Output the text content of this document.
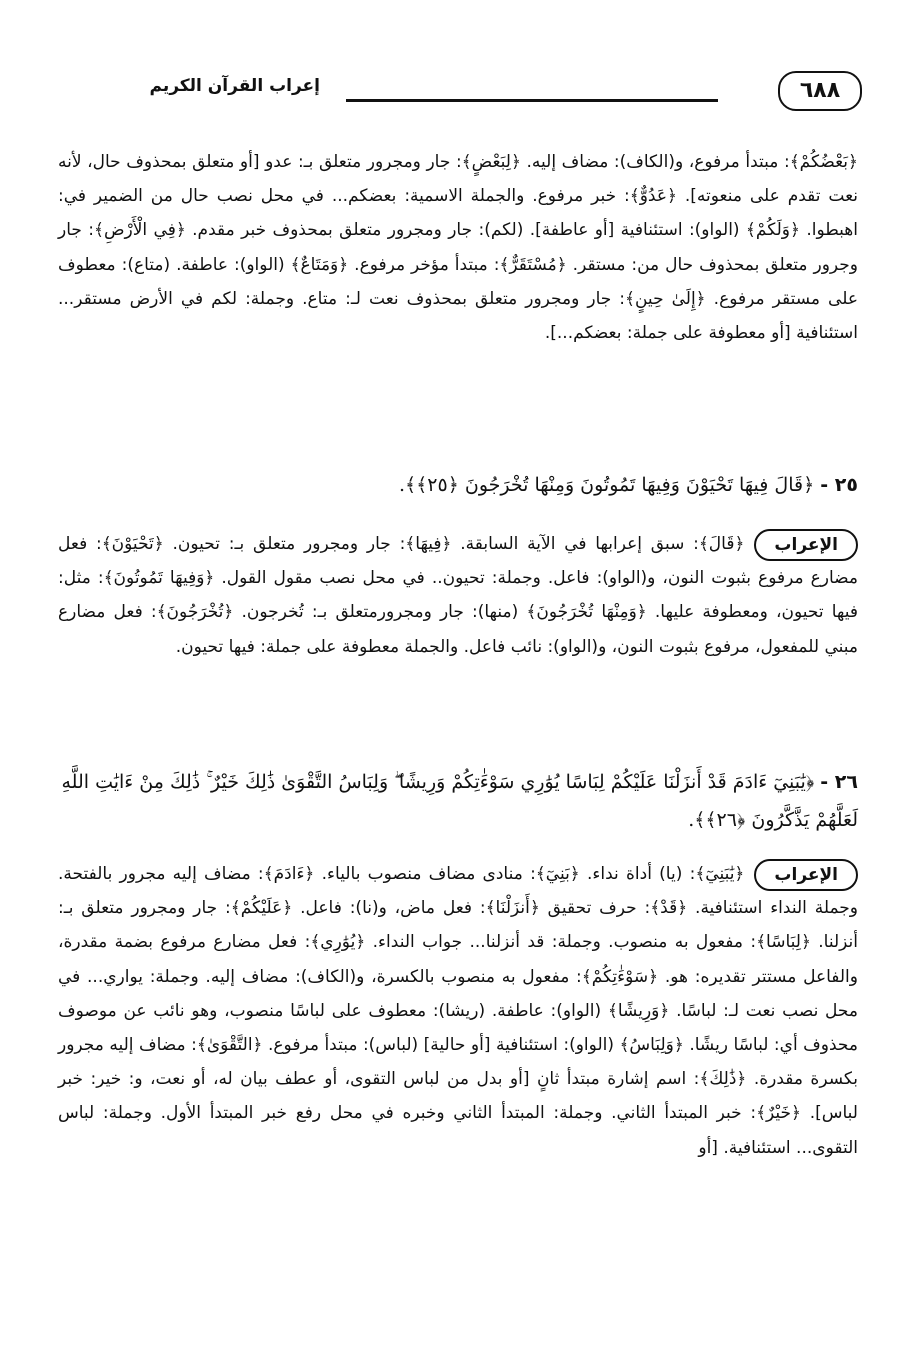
٦٨٨
إعراب القرآن الكريم

﴿بَعْضُكُمْ﴾: مبتدأ مرفوع، و(الكاف): مضاف إليه. ﴿لِبَعْضٍ﴾: جار ومجرور متعلق بـ: عدو [أو متعلق بمحذوف حال، لأنه نعت تقدم على منعوته]. ﴿عَدُوٌّ﴾: خبر مرفوع. والجملة الاسمية: بعضكم... في محل نصب حال من الضمير في: اهبطوا. ﴿وَلَكُمْ﴾ (الواو): استئنافية [أو عاطفة]. (لكم): جار ومجرور متعلق بمحذوف خبر مقدم. ﴿فِي الْأَرْضِ﴾: جار وجرور متعلق بمحذوف حال من: مستقر. ﴿مُسْتَقَرٌّ﴾: مبتدأ مؤخر مرفوع. ﴿وَمَتَاعٌ﴾ (الواو): عاطفة. (متاع): معطوف على مستقر مرفوع. ﴿إِلَىٰ حِينٍ﴾: جار ومجرور متعلق بمحذوف نعت لـ: متاع. وجملة: لكم في الأرض مستقر... استئنافية [أو معطوفة على جملة: بعضكم...].

٢٥ - ﴿قَالَ فِيهَا تَحْيَوْنَ وَفِيهَا تَمُوتُونَ وَمِنْهَا تُخْرَجُونَ ﴿٢٥﴾﴾.

الإعراب
﴿قَالَ﴾: سبق إعرابها في الآية السابقة. ﴿فِيهَا﴾: جار ومجرور متعلق بـ: تحيون. ﴿تَحْيَوْنَ﴾: فعل مضارع مرفوع بثبوت النون، و(الواو): فاعل. وجملة: تحيون.. في محل نصب مقول القول. ﴿وَفِيهَا تَمُوتُونَ﴾: مثل: فيها تحيون، ومعطوفة عليها. ﴿وَمِنْهَا تُخْرَجُونَ﴾ (منها): جار ومجرورمتعلق بـ: تُخرجون. ﴿تُخْرَجُونَ﴾: فعل مضارع مبني للمفعول، مرفوع بثبوت النون، و(الواو): نائب فاعل. والجملة معطوفة على جملة: فيها تحيون.

٢٦ - ﴿يَٰبَنِيٓ ءَادَمَ قَدْ أَنزَلْنَا عَلَيْكُمْ لِبَاسًا يُوَٰرِي سَوْءَٰتِكُمْ وَرِيشًا ۖ وَلِبَاسُ التَّقْوَىٰ ذَٰلِكَ خَيْرٌ ۚ ذَٰلِكَ مِنْ ءَايَٰتِ اللَّهِ لَعَلَّهُمْ يَذَّكَّرُونَ ﴿٢٦﴾﴾.

الإعراب
﴿يَٰبَنِيٓ﴾: (يا) أداة نداء. ﴿بَنِيٓ﴾: منادى مضاف منصوب بالياء. ﴿ءَادَمَ﴾: مضاف إليه مجرور بالفتحة. وجملة النداء استئنافية. ﴿قَدْ﴾: حرف تحقيق ﴿أَنزَلْنَا﴾: فعل ماض، و(نا): فاعل. ﴿عَلَيْكُمْ﴾: جار ومجرور متعلق بـ: أنزلنا. ﴿لِبَاسًا﴾: مفعول به منصوب. وجملة: قد أنزلنا... جواب النداء. ﴿يُوَٰرِي﴾: فعل مضارع مرفوع بضمة مقدرة، والفاعل مستتر تقديره: هو. ﴿سَوْءَٰتِكُمْ﴾: مفعول به منصوب بالكسرة، و(الكاف): مضاف إليه. وجملة: يواري... في محل نصب نعت لـ: لباسًا. ﴿وَرِيشًا﴾ (الواو): عاطفة. (ريشا): معطوف على لباسًا منصوب، وهو نائب عن موصوف محذوف أي: لباسًا ريشًا. ﴿وَلِبَاسُ﴾ (الواو): استئنافية [أو حالية] (لباس): مبتدأ مرفوع. ﴿التَّقْوَىٰ﴾: مضاف إليه مجرور بكسرة مقدرة. ﴿ذَٰلِكَ﴾: اسم إشارة مبتدأ ثانٍ [أو بدل من لباس التقوى، أو عطف بيان له، أو نعت، و: خير: خبر لباس]. ﴿خَيْرٌ﴾: خبر المبتدأ الثاني. وجملة: المبتدأ الثاني وخبره في محل رفع خبر المبتدأ الأول. وجملة: لباس التقوى... استئنافية. [أو
